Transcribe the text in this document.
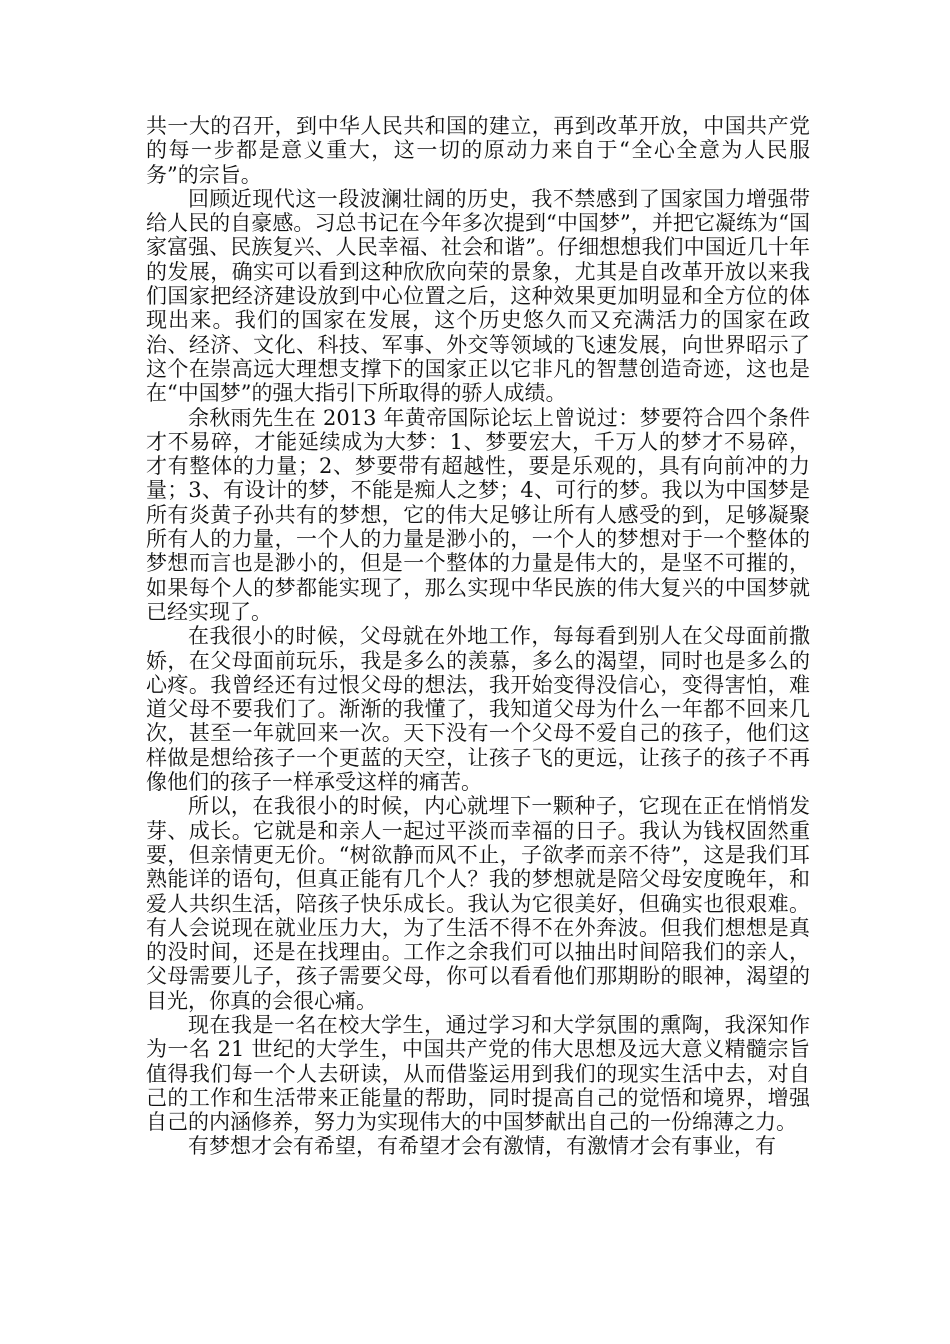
共一大的召开，到中华人民共和国的建立，再到改革开放，中国共产党的每一步都是意义重大，这一切的原动力来自于“全心全意为人民服务”的宗旨。

回顾近现代这一段波澜壮阔的历史，我不禁感到了国家国力增强带给人民的自豪感。习总书记在今年多次提到“中国梦”，并把它凝练为“国家富强、民族复兴、人民幸福、社会和谐”。仔细想想我们中国近几十年的发展，确实可以看到这种欣欣向荣的景象，尤其是自改革开放以来我们国家把经济建设放到中心位置之后，这种效果更加明显和全方位的体现出来。我们的国家在发展，这个历史悠久而又充满活力的国家在政治、经济、文化、科技、军事、外交等领域的飞速发展，向世界昭示了这个在崇高远大理想支撑下的国家正以它非凡的智慧创造奇迹，这也是在“中国梦”的强大指引下所取得的骄人成绩。

余秋雨先生在 2013 年黄帝国际论坛上曾说过：梦要符合四个条件才不易碎，才能延续成为大梦：1、梦要宏大，千万人的梦才不易碎，才有整体的力量；2、梦要带有超越性，要是乐观的，具有向前冲的力量；3、有设计的梦，不能是痴人之梦；4、可行的梦。我以为中国梦是所有炎黄子孙共有的梦想，它的伟大足够让所有人感受的到，足够凝聚所有人的力量，一个人的力量是渺小的，一个人的梦想对于一个整体的梦想而言也是渺小的，但是一个整体的力量是伟大的，是坚不可摧的，如果每个人的梦都能实现了，那么实现中华民族的伟大复兴的中国梦就已经实现了。

在我很小的时候，父母就在外地工作，每每看到别人在父母面前撒娇，在父母面前玩乐，我是多么的羡慕，多么的渴望，同时也是多么的心疼。我曾经还有过恨父母的想法，我开始变得没信心，变得害怕，难道父母不要我们了。渐渐的我懂了，我知道父母为什么一年都不回来几次，甚至一年就回来一次。天下没有一个父母不爱自己的孩子，他们这样做是想给孩子一个更蓝的天空，让孩子飞的更远，让孩子的孩子不再像他们的孩子一样承受这样的痛苦。

所以，在我很小的时候，内心就埋下一颗种子，它现在正在悄悄发芽、成长。它就是和亲人一起过平淡而幸福的日子。我认为钱权固然重要，但亲情更无价。“树欲静而风不止，子欲孝而亲不待”，这是我们耳熟能详的语句，但真正能有几个人？我的梦想就是陪父母安度晚年，和爱人共织生活，陪孩子快乐成长。我认为它很美好，但确实也很艰难。有人会说现在就业压力大，为了生活不得不在外奔波。但我们想想是真的没时间，还是在找理由。工作之余我们可以抽出时间陪我们的亲人，父母需要儿子，孩子需要父母，你可以看看他们那期盼的眼神，渴望的目光，你真的会很心痛。

现在我是一名在校大学生，通过学习和大学氛围的熏陶，我深知作为一名 21 世纪的大学生，中国共产党的伟大思想及远大意义精髓宗旨值得我们每一个人去研读，从而借鉴运用到我们的现实生活中去，对自己的工作和生活带来正能量的帮助，同时提高自己的觉悟和境界，增强自己的内涵修养，努力为实现伟大的中国梦献出自己的一份绵薄之力。

有梦想才会有希望，有希望才会有激情，有激情才会有事业，有
